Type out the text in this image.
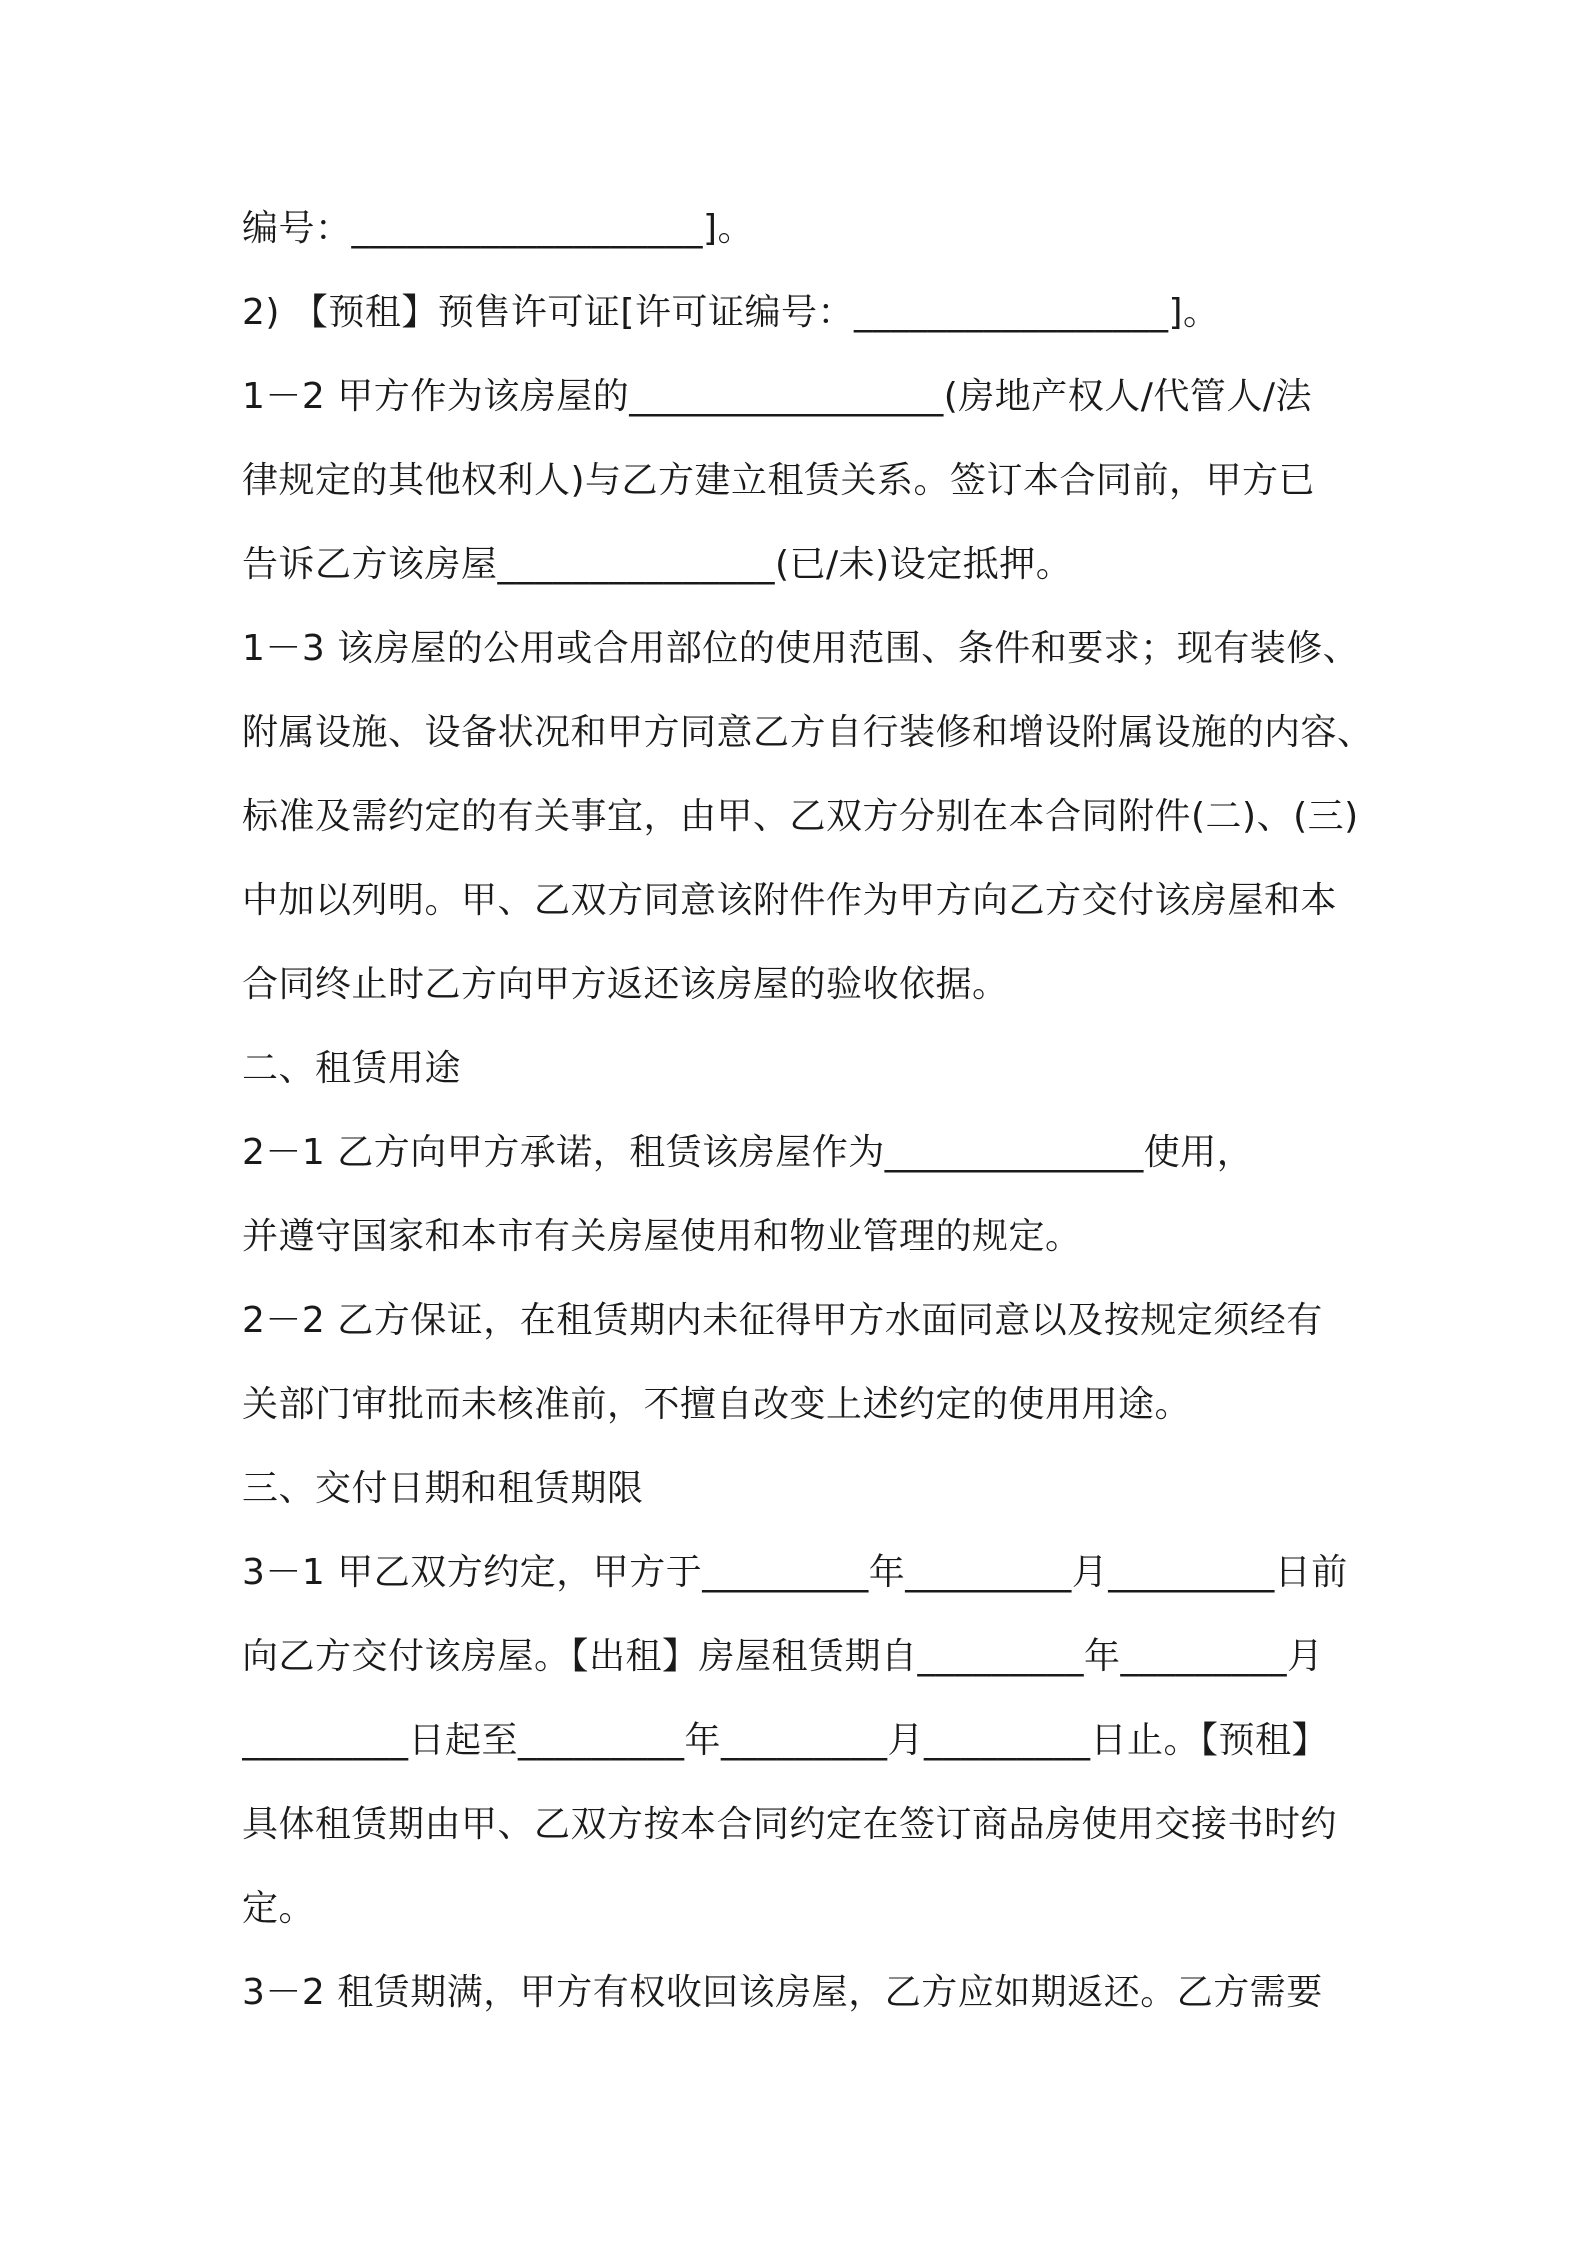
编号：___________________]。
2) 【预租】预售许可证[许可证编号：_________________]。
1－2 甲方作为该房屋的_________________(房地产权人/代管人/法
律规定的其他权利人)与乙方建立租赁关系。签订本合同前，甲方已
告诉乙方该房屋_______________(已/未)设定抵押。
1－3 该房屋的公用或合用部位的使用范围、条件和要求；现有装修、
附属设施、设备状况和甲方同意乙方自行装修和增设附属设施的内容、
标准及需约定的有关事宜，由甲、乙双方分别在本合同附件(二)、(三)
中加以列明。甲、乙双方同意该附件作为甲方向乙方交付该房屋和本
合同终止时乙方向甲方返还该房屋的验收依据。
二、租赁用途
2－1 乙方向甲方承诺，租赁该房屋作为______________使用，
并遵守国家和本市有关房屋使用和物业管理的规定。
2－2 乙方保证，在租赁期内未征得甲方水面同意以及按规定须经有
关部门审批而未核准前，不擅自改变上述约定的使用用途。
三、交付日期和租赁期限
3－1 甲乙双方约定，甲方于_________年_________月_________日前
向乙方交付该房屋。【出租】房屋租赁期自_________年_________月
_________日起至_________年_________月_________日止。【预租】
具体租赁期由甲、乙双方按本合同约定在签订商品房使用交接书时约
定。
3－2 租赁期满，甲方有权收回该房屋，乙方应如期返还。乙方需要
